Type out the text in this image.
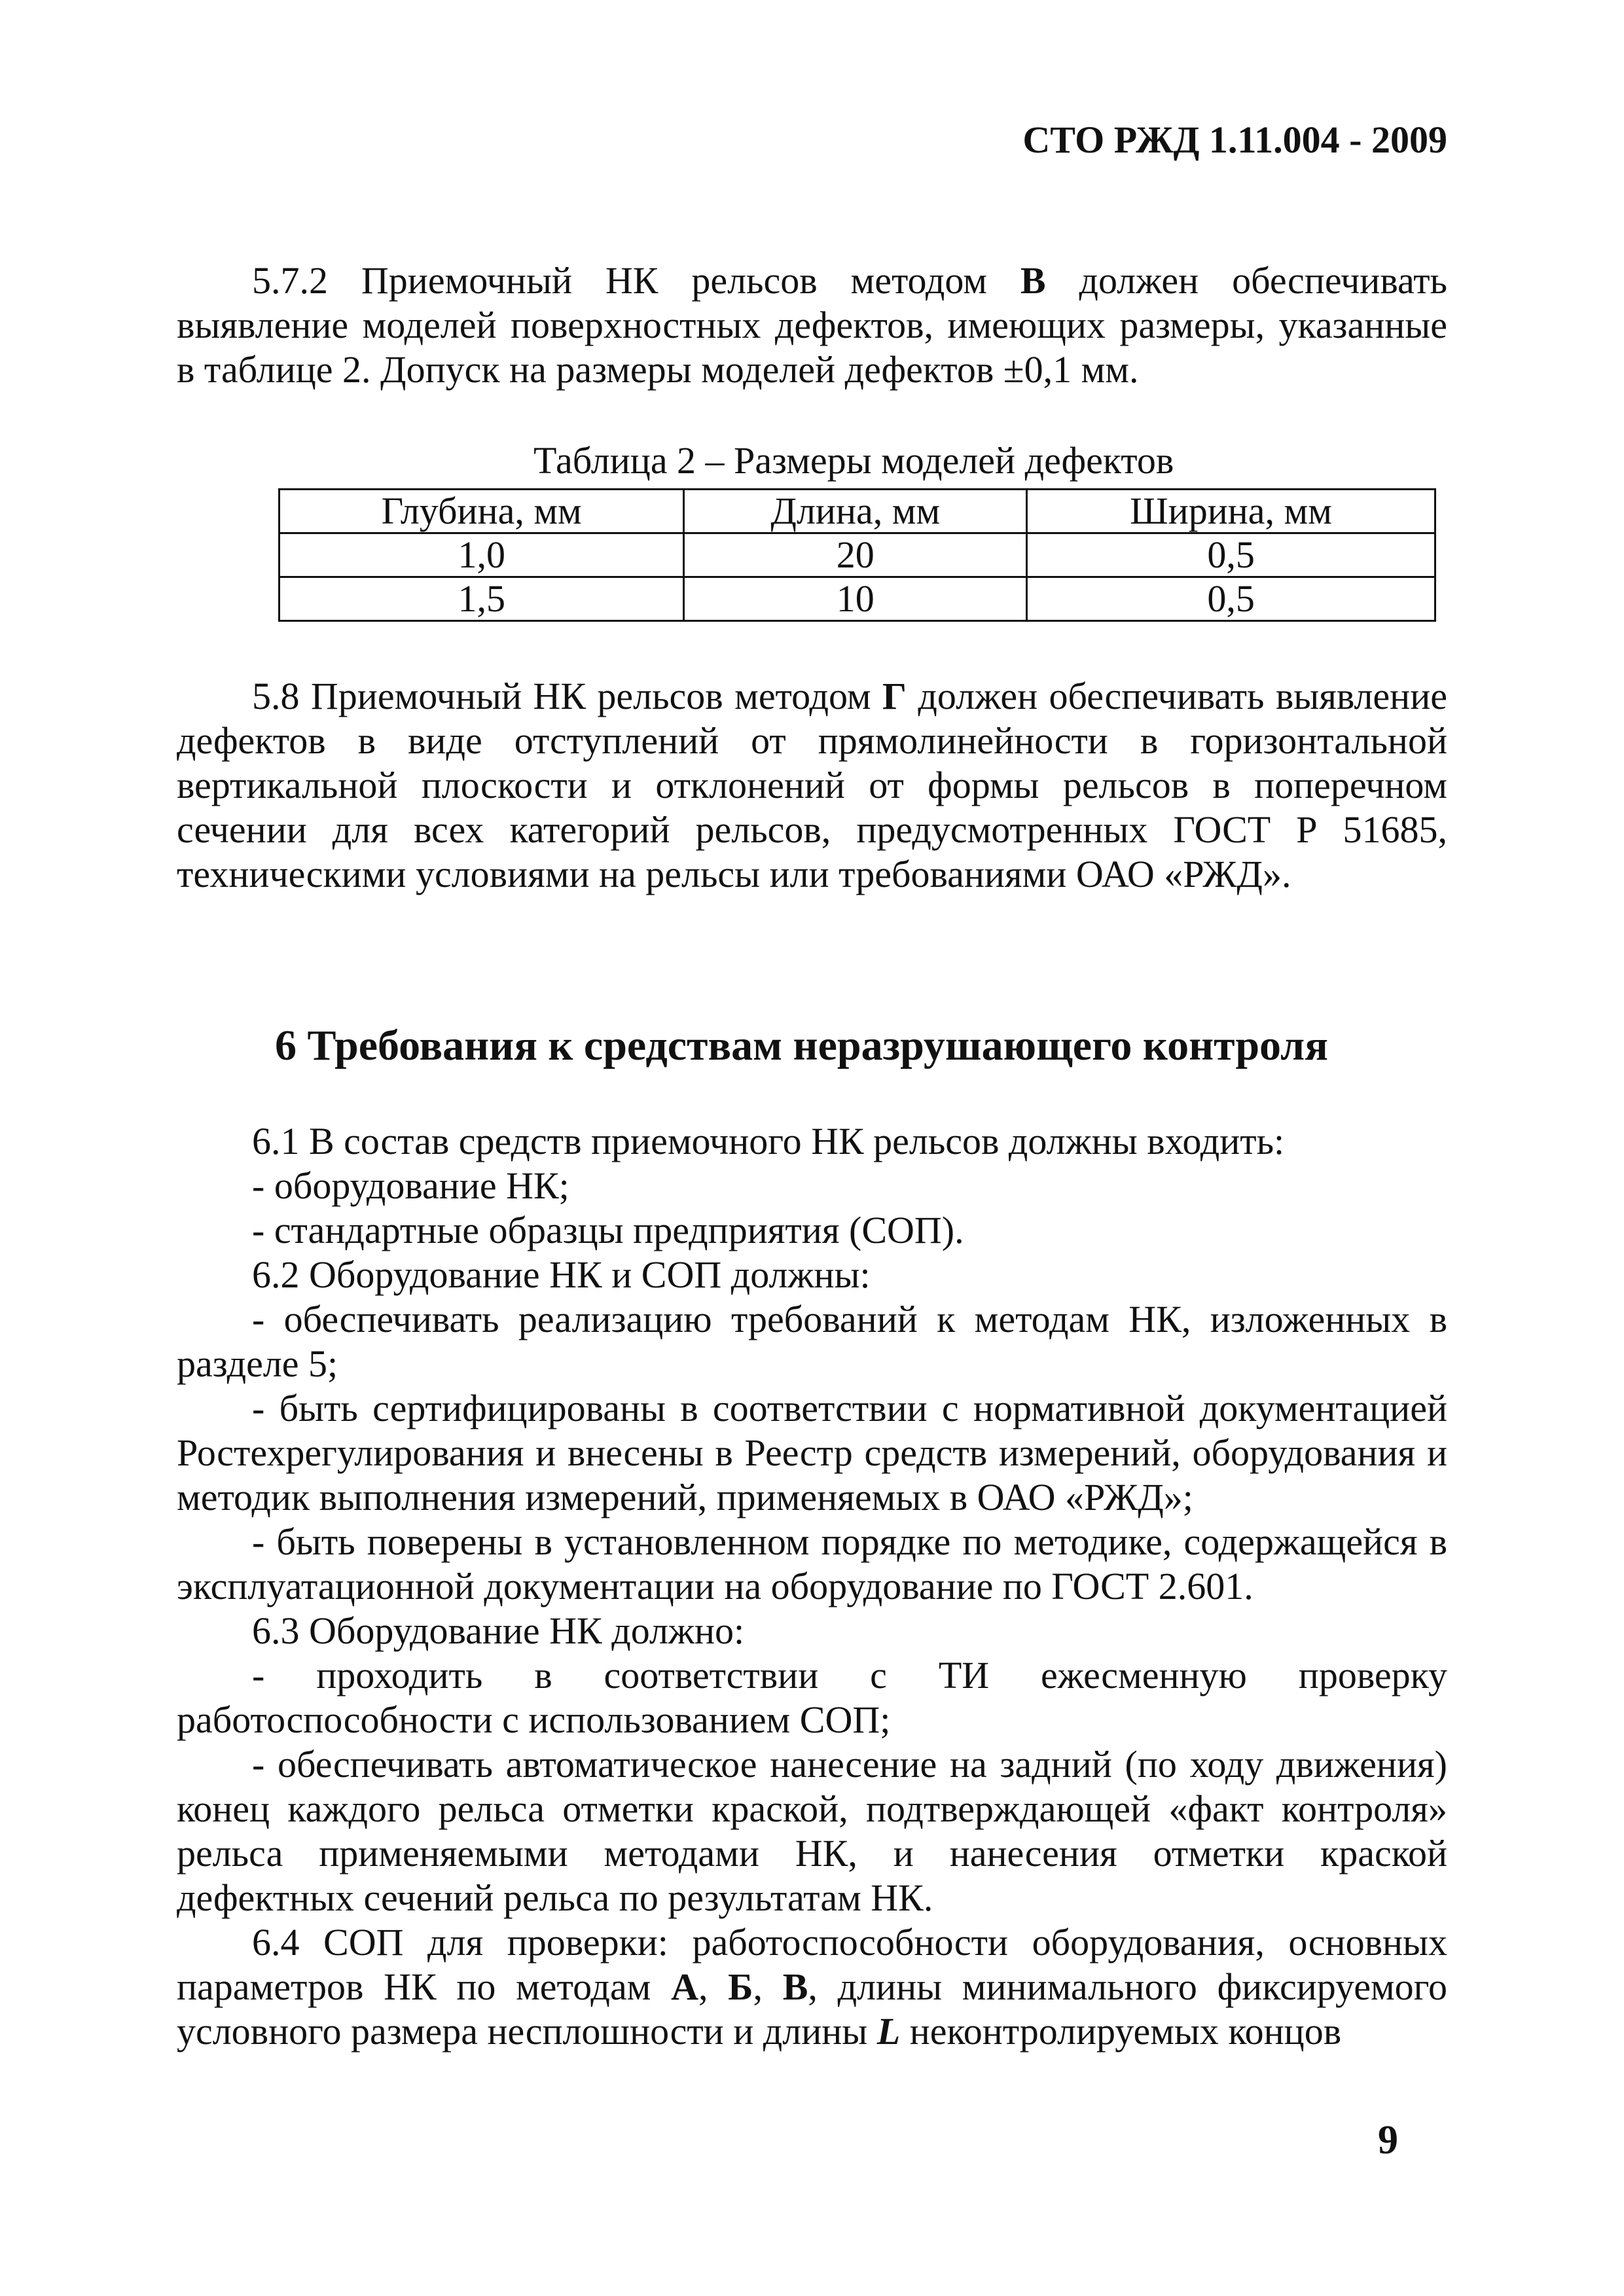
СТО РЖД 1.11.004 - 2009

5.7.2 Приемочный НК рельсов методом В должен обеспечивать выявление моделей поверхностных дефектов, имеющих размеры, указанные в таблице 2. Допуск на размеры моделей дефектов ±0,1 мм.

Таблица 2 – Размеры моделей дефектов
Глубина, мм	Длина, мм	Ширина, мм
1,0	20	0,5
1,5	10	0,5

5.8 Приемочный НК рельсов методом Г должен обеспечивать выявление дефектов в виде отступлений от прямолинейности в горизонтальной вертикальной плоскости и отклонений от формы рельсов в поперечном сечении для всех категорий рельсов, предусмотренных ГОСТ Р 51685, техническими условиями на рельсы или требованиями ОАО «РЖД».

6 Требования к средствам неразрушающего контроля
6.1 В состав средств приемочного НК рельсов должны входить:
- оборудование НК;
- стандартные образцы предприятия (СОП).
6.2 Оборудование НК и СОП должны:
- обеспечивать реализацию требований к методам НК, изложенных в разделе 5;
- быть сертифицированы в соответствии с нормативной документацией Ростехрегулирования и внесены в Реестр средств измерений, оборудования и методик выполнения измерений, применяемых в ОАО «РЖД»;
- быть поверены в установленном порядке по методике, содержащейся в эксплуатационной документации на оборудование по ГОСТ 2.601.
6.3 Оборудование НК должно:
- проходить в соответствии с ТИ ежесменную проверку работоспособности с использованием СОП;
- обеспечивать автоматическое нанесение на задний (по ходу движения) конец каждого рельса отметки краской, подтверждающей «факт контроля» рельса применяемыми методами НК, и нанесения отметки краской дефектных сечений рельса по результатам НК.
6.4 СОП для проверки: работоспособности оборудования, основных параметров НК по методам А, Б, В, длины минимального фиксируемого условного размера несплошности и длины L неконтролируемых концов
9
